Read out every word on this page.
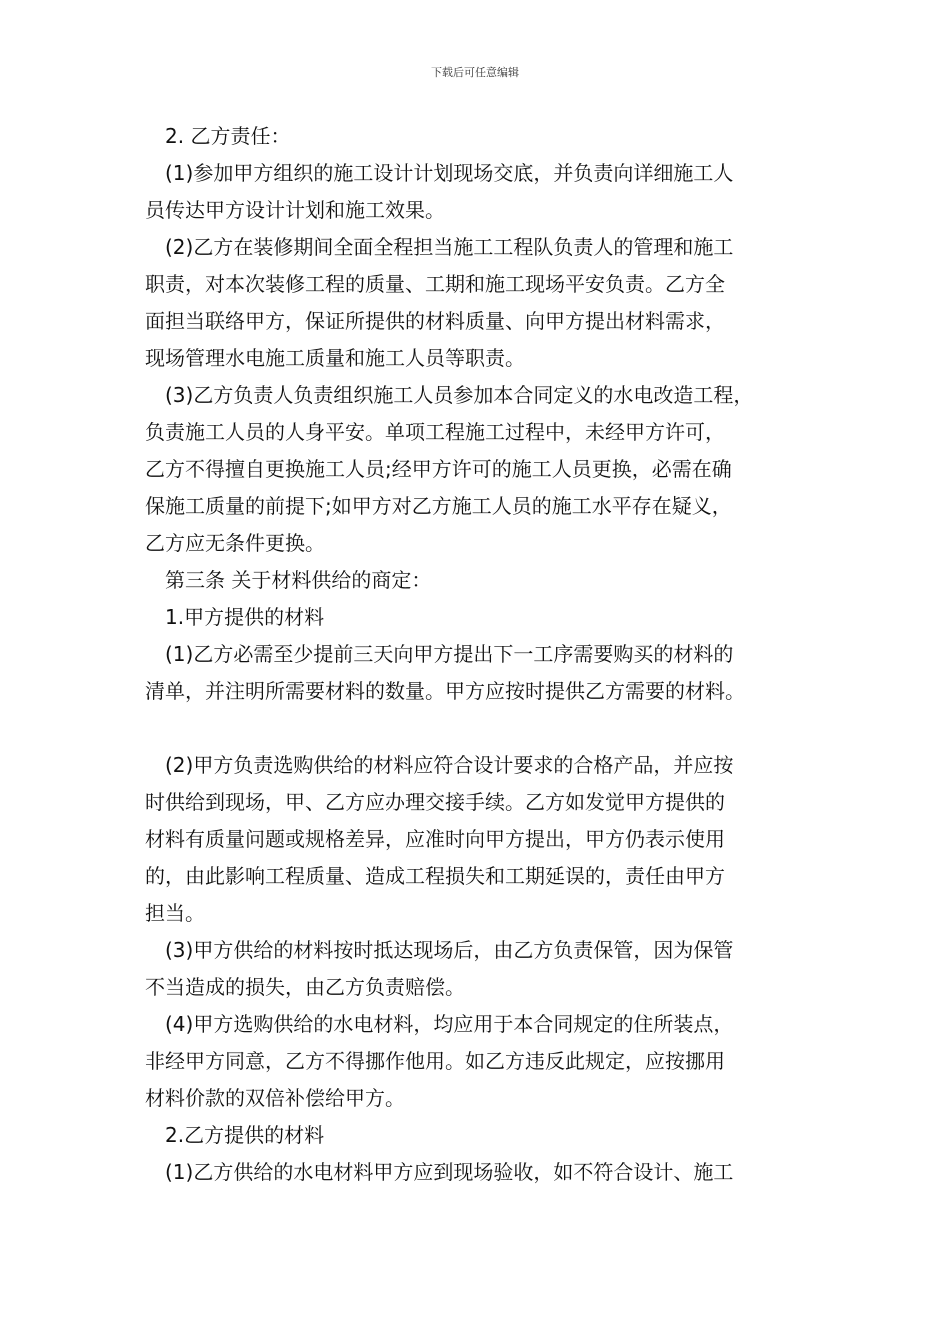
下载后可任意编辑
2. 乙方责任：
(1)参加甲方组织的施工设计计划现场交底，并负责向详细施工人
员传达甲方设计计划和施工效果。
(2)乙方在装修期间全面全程担当施工工程队负责人的管理和施工
职责，对本次装修工程的质量、工期和施工现场平安负责。乙方全
面担当联络甲方，保证所提供的材料质量、向甲方提出材料需求，
现场管理水电施工质量和施工人员等职责。
(3)乙方负责人负责组织施工人员参加本合同定义的水电改造工程，
负责施工人员的人身平安。单项工程施工过程中，未经甲方许可，
乙方不得擅自更换施工人员;经甲方许可的施工人员更换，必需在确
保施工质量的前提下;如甲方对乙方施工人员的施工水平存在疑义，
乙方应无条件更换。
第三条 关于材料供给的商定：
1.甲方提供的材料
(1)乙方必需至少提前三天向甲方提出下一工序需要购买的材料的
清单，并注明所需要材料的数量。甲方应按时提供乙方需要的材料。
(2)甲方负责选购供给的材料应符合设计要求的合格产品，并应按
时供给到现场，甲、乙方应办理交接手续。乙方如发觉甲方提供的
材料有质量问题或规格差异，应准时向甲方提出，甲方仍表示使用
的，由此影响工程质量、造成工程损失和工期延误的，责任由甲方
担当。
(3)甲方供给的材料按时抵达现场后，由乙方负责保管，因为保管
不当造成的损失，由乙方负责赔偿。
(4)甲方选购供给的水电材料，均应用于本合同规定的住所装点，
非经甲方同意，乙方不得挪作他用。如乙方违反此规定，应按挪用
材料价款的双倍补偿给甲方。
2.乙方提供的材料
(1)乙方供给的水电材料甲方应到现场验收，如不符合设计、施工
